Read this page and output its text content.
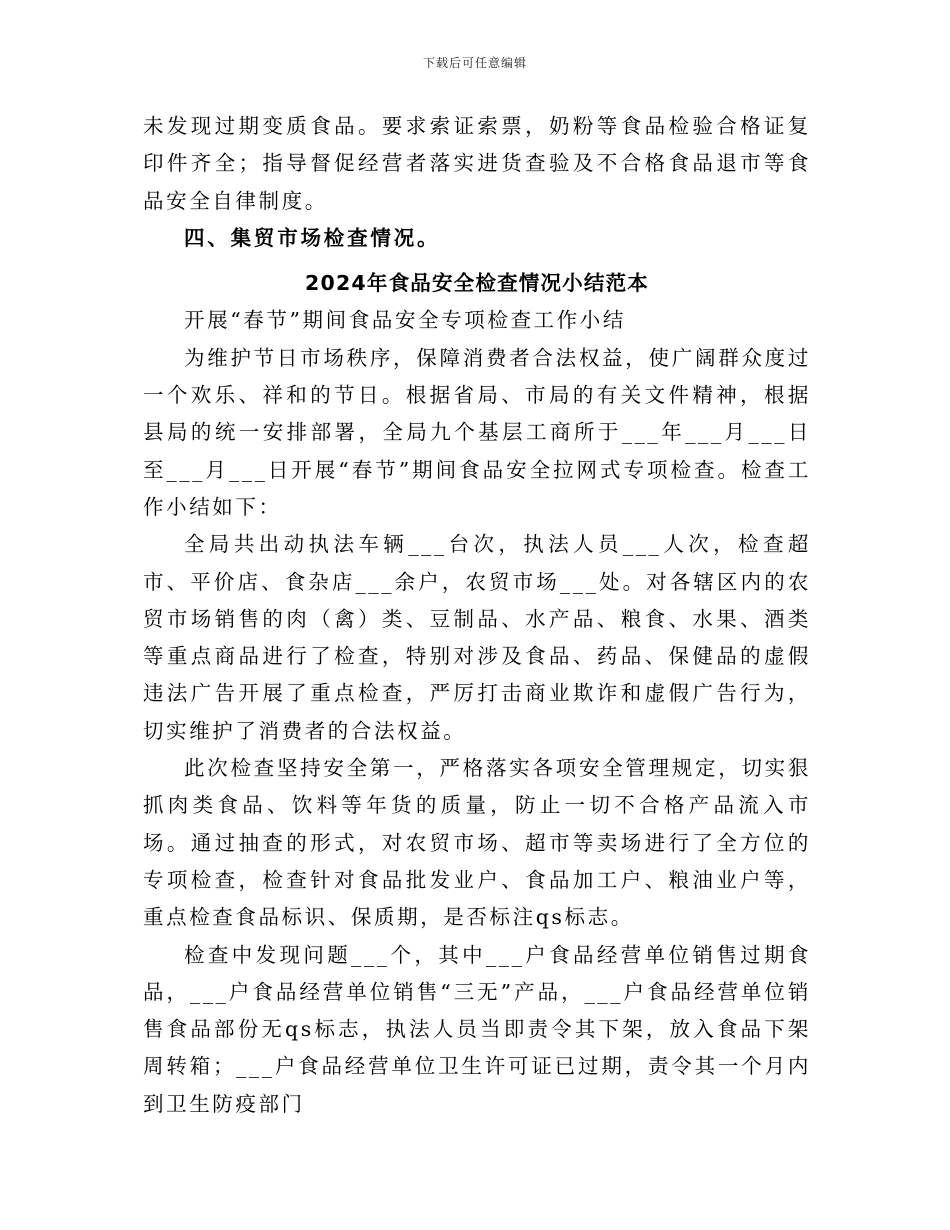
下载后可任意编辑

未发现过期变质食品。要求索证索票，奶粉等食品检验合格证复印件齐全；指导督促经营者落实进货查验及不合格食品退市等食品安全自律制度。

四、集贸市场检查情况。

2024年食品安全检查情况小结范本

开展“春节”期间食品安全专项检查工作小结

为维护节日市场秩序，保障消费者合法权益，使广阔群众度过一个欢乐、祥和的节日。根据省局、市局的有关文件精神，根据县局的统一安排部署，全局九个基层工商所于___年___月___日至___月___日开展“春节”期间食品安全拉网式专项检查。检查工作小结如下：

全局共出动执法车辆___台次，执法人员___人次，检查超市、平价店、食杂店___余户，农贸市场___处。对各辖区内的农贸市场销售的肉（禽）类、豆制品、水产品、粮食、水果、酒类等重点商品进行了检查，特别对涉及食品、药品、保健品的虚假违法广告开展了重点检查，严厉打击商业欺诈和虚假广告行为，切实维护了消费者的合法权益。

此次检查坚持安全第一，严格落实各项安全管理规定，切实狠抓肉类食品、饮料等年货的质量，防止一切不合格产品流入市场。通过抽查的形式，对农贸市场、超市等卖场进行了全方位的专项检查，检查针对食品批发业户、食品加工户、粮油业户等，重点检查食品标识、保质期，是否标注qs标志。

检查中发现问题___个，其中___户食品经营单位销售过期食品，___户食品经营单位销售“三无”产品，___户食品经营单位销售食品部份无qs标志，执法人员当即责令其下架，放入食品下架周转箱；___户食品经营单位卫生许可证已过期，责令其一个月内到卫生防疫部门
